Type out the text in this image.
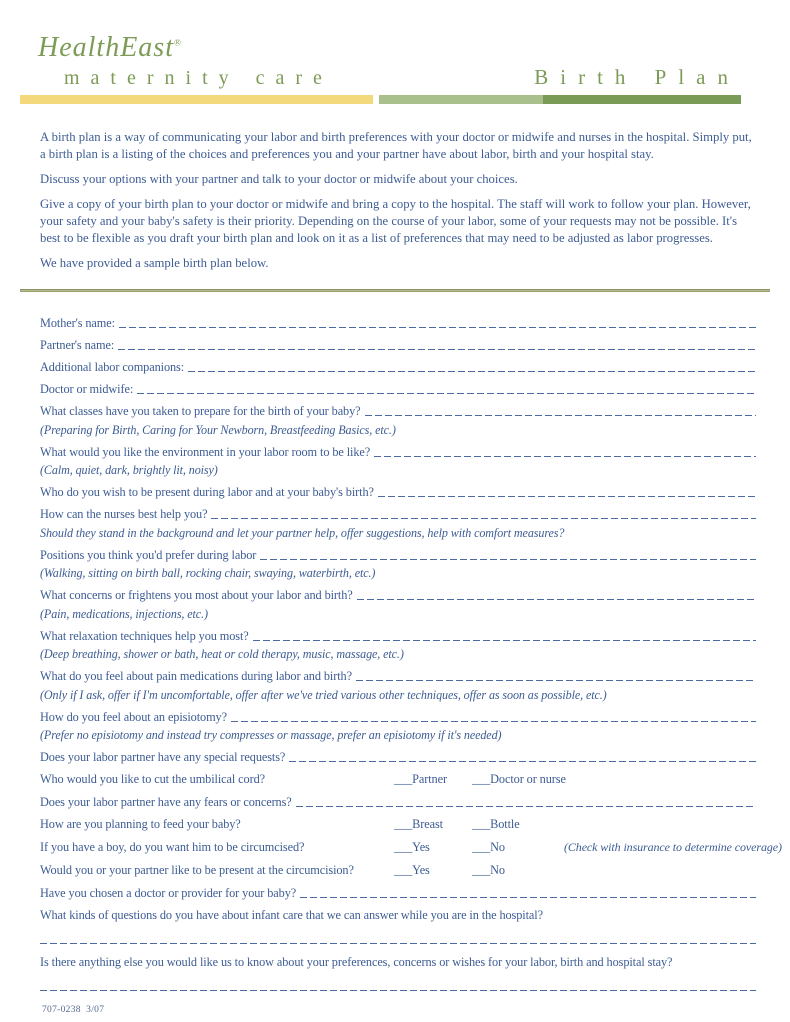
HealthEast®
maternity care	Birth Plan

A birth plan is a way of communicating your labor and birth preferences with your doctor or midwife and nurses in the hospital. Simply put, a birth plan is a listing of the choices and preferences you and your partner have about labor, birth and your hospital stay.

Discuss your options with your partner and talk to your doctor or midwife about your choices.

Give a copy of your birth plan to your doctor or midwife and bring a copy to the hospital. The staff will work to follow your plan. However, your safety and your baby's safety is their priority. Depending on the course of your labor, some of your requests may not be possible. It's best to be flexible as you draft your birth plan and look on it as a list of preferences that may need to be adjusted as labor progresses.

We have provided a sample birth plan below.

Mother's name:
Partner's name:
Additional labor companions:
Doctor or midwife:
What classes have you taken to prepare for the birth of your baby?
(Preparing for Birth, Caring for Your Newborn, Breastfeeding Basics, etc.)
What would you like the environment in your labor room to be like?
(Calm, quiet, dark, brightly lit, noisy)
Who do you wish to be present during labor and at your baby's birth?
How can the nurses best help you?
Should they stand in the background and let your partner help, offer suggestions, help with comfort measures?
Positions you think you'd prefer during labor
(Walking, sitting on birth ball, rocking chair, swaying, waterbirth, etc.)
What concerns or frightens you most about your labor and birth?
(Pain, medications, injections, etc.)
What relaxation techniques help you most?
(Deep breathing, shower or bath, heat or cold therapy, music, massage, etc.)
What do you feel about pain medications during labor and birth?
(Only if I ask, offer if I'm uncomfortable, offer after we've tried various other techniques, offer as soon as possible, etc.)
How do you feel about an episiotomy?
(Prefer no episiotomy and instead try compresses or massage, prefer an episiotomy if it's needed)
Does your labor partner have any special requests?
Who would you like to cut the umbilical cord?	___Partner	___Doctor or nurse
Does your labor partner have any fears or concerns?
How are you planning to feed your baby?	___Breast	___Bottle
If you have a boy, do you want him to be circumcised?	___Yes	___No	(Check with insurance to determine coverage)
Would you or your partner like to be present at the circumcision?	___Yes	___No
Have you chosen a doctor or provider for your baby?
What kinds of questions do you have about infant care that we can answer while you are in the hospital?
Is there anything else you would like us to know about your preferences, concerns or wishes for your labor, birth and hospital stay?
707-0238  3/07
